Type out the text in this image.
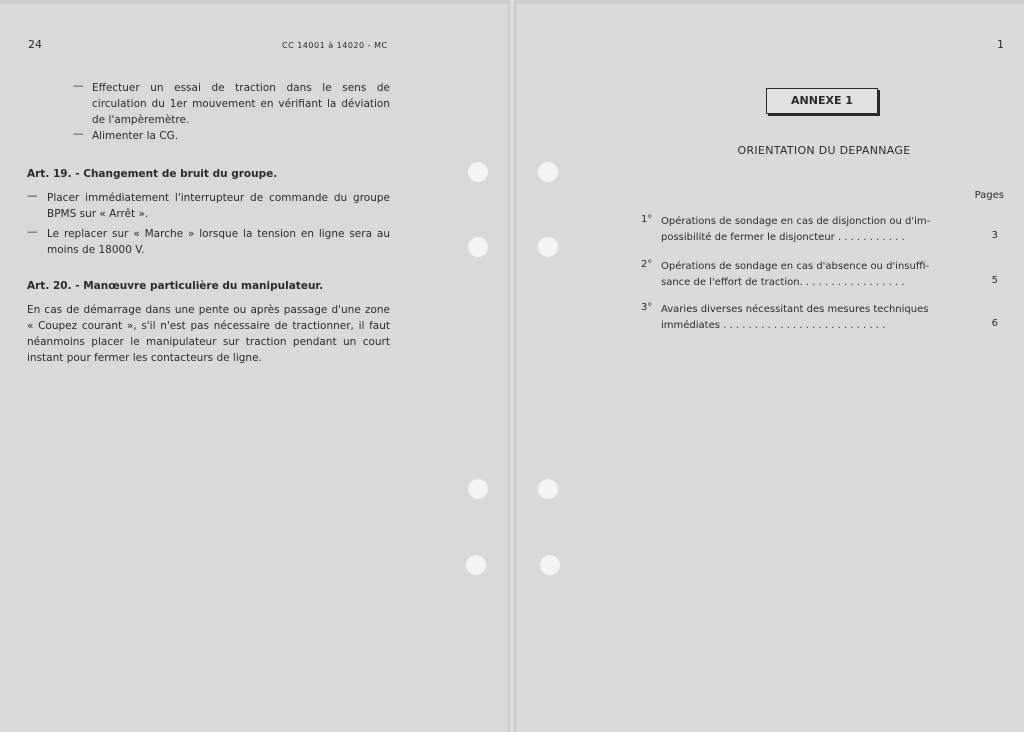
24	CC 14001 à 14020 - MC
— Effectuer un essai de traction dans le sens de circulation du 1er mouvement en vérifiant la déviation de l'ampèremètre.
— Alimenter la CG.
Art. 19. - Changement de bruit du groupe.
— Placer immédiatement l'interrupteur de commande du groupe BPMS sur « Arrêt ».
— Le replacer sur « Marche » lorsque la tension en ligne sera au moins de 18000 V.
Art. 20. - Manœuvre particulière du manipulateur.
En cas de démarrage dans une pente ou après passage d'une zone « Coupez courant », s'il n'est pas nécessaire de tractionner, il faut néanmoins placer le manipulateur sur traction pendant un court instant pour fermer les contacteurs de ligne.
1
ANNEXE 1
ORIENTATION DU DEPANNAGE
Pages
1° Opérations de sondage en cas de disjonction ou d'im-
possibilité de fermer le disjoncteur . . . . . . . . . . .	3
2° Opérations de sondage en cas d'absence ou d'insuffi-
sance de l'effort de traction. . . . . . . . . . . . . . . . .	5
3° Avaries diverses nécessitant des mesures techniques
immédiates . . . . . . . . . . . . . . . . . . . . . . . . . .	6
